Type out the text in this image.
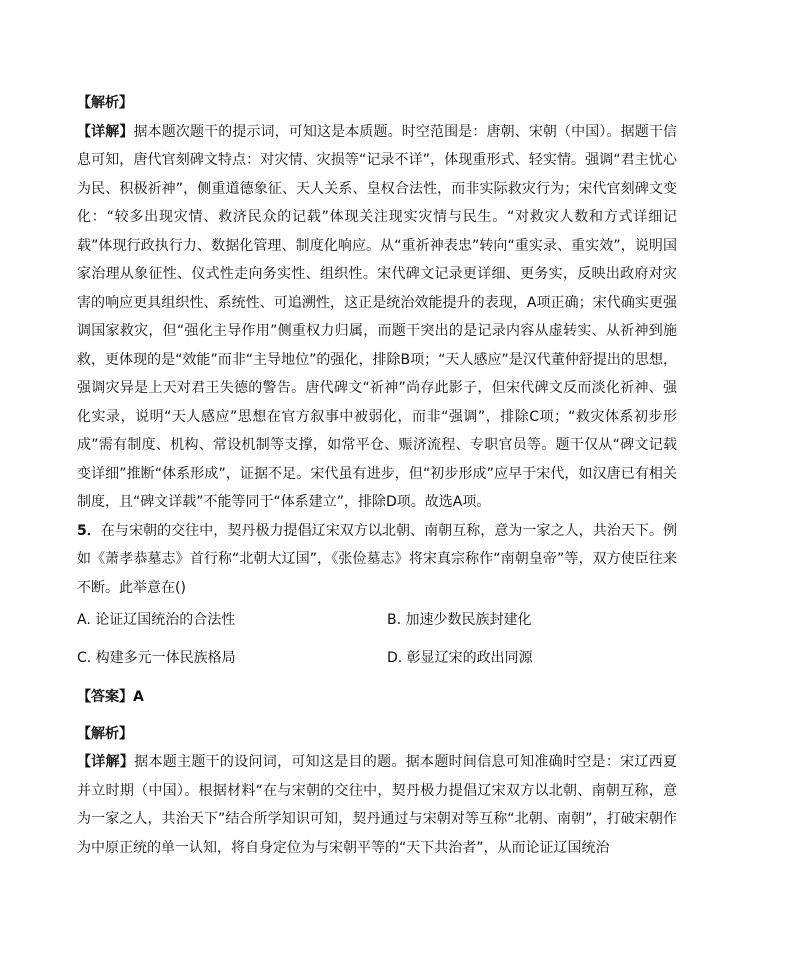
【解析】

【详解】据本题次题干的提示词，可知这是本质题。时空范围是：唐朝、宋朝（中国）。据题干信息可知，唐代官刻碑文特点：对灾情、灾损等“记录不详”，体现重形式、轻实情。强调“君主忧心为民、积极祈神”，侧重道德象征、天人关系、皇权合法性，而非实际救灾行为；宋代官刻碑文变化：“较多出现灾情、救济民众的记载”体现关注现实灾情与民生。“对救灾人数和方式详细记载”体现行政执行力、数据化管理、制度化响应。从“重祈神表忠”转向“重实录、重实效”，说明国家治理从象征性、仪式性走向务实性、组织性。宋代碑文记录更详细、更务实，反映出政府对灾害的响应更具组织性、系统性、可追溯性，这正是统治效能提升的表现，A项正确；宋代确实更强调国家救灾，但“强化主导作用”侧重权力归属，而题干突出的是记录内容从虚转实、从祈神到施救，更体现的是“效能”而非“主导地位”的强化，排除B项；“天人感应”是汉代董仲舒提出的思想，强调灾异是上天对君王失德的警告。唐代碑文“祈神”尚存此影子，但宋代碑文反而淡化祈神、强化实录，说明“天人感应”思想在官方叙事中被弱化，而非“强调”，排除C项；“救灾体系初步形成”需有制度、机构、常设机制等支撑，如常平仓、赈济流程、专职官员等。题干仅从“碑文记载变详细”推断“体系形成”，证据不足。宋代虽有进步，但“初步形成”应早于宋代，如汉唐已有相关制度，且“碑文详载”不能等同于“体系建立”，排除D项。故选A项。

5．在与宋朝的交往中，契丹极力提倡辽宋双方以北朝、南朝互称，意为一家之人，共治天下。例如《萧孝恭墓志》首行称“北朝大辽国”，《张俭墓志》将宋真宗称作“南朝皇帝”等，双方使臣往来不断。此举意在()

A. 论证辽国统治的合法性	B. 加速少数民族封建化
C. 构建多元一体民族格局	D. 彰显辽宋的政出同源

【答案】A

【解析】

【详解】据本题主题干的设问词，可知这是目的题。据本题时间信息可知准确时空是：宋辽西夏并立时期（中国）。根据材料“在与宋朝的交往中，契丹极力提倡辽宋双方以北朝、南朝互称，意为一家之人，共治天下”结合所学知识可知，契丹通过与宋朝对等互称“北朝、南朝”，打破宋朝作为中原正统的单一认知，将自身定位为与宋朝平等的“天下共治者”，从而论证辽国统治
